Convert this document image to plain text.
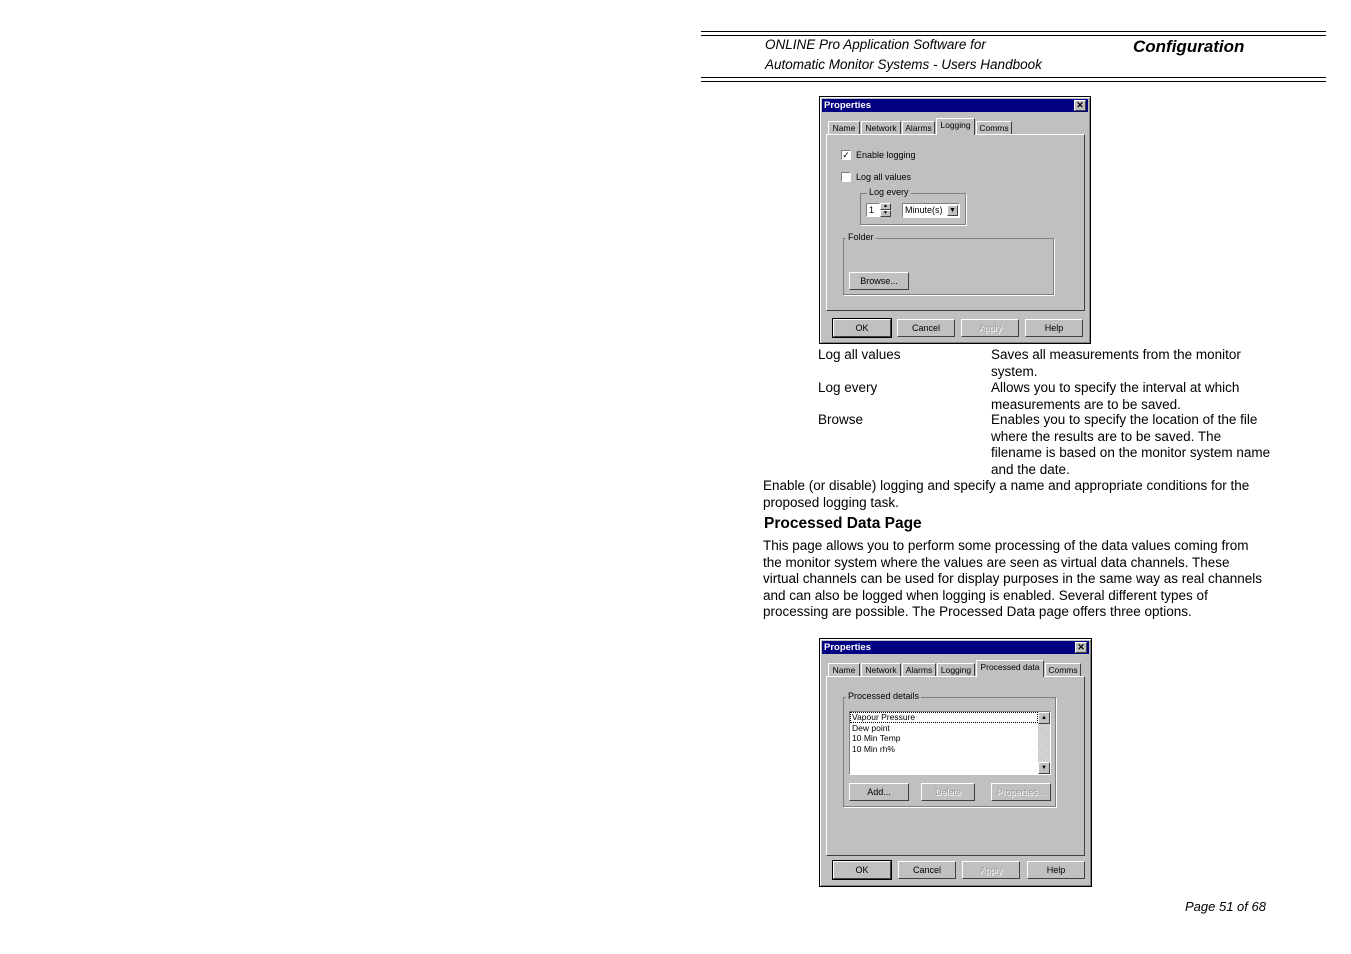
ONLINE Pro Application Software for
Automatic Monitor Systems - Users Handbook
Configuration
Properties	✕
Name	Network	Alarms	Logging	Comms
✓ Enable logging
Log all values
Log every
1	▲
▼	Minute(s) ▼
Folder
Browse...
OK	Cancel	Apply	Help
Log all values	Saves all measurements from the monitor system.
Log every	Allows you to specify the interval at which measurements are to be saved.
Browse	Enables you to specify the location of the file where the results are to be saved. The filename is based on the monitor system name and the date.
Enable (or disable) logging and specify a name and appropriate conditions for the proposed logging task.
Processed Data Page
This page allows you to perform some processing of the data values coming from the monitor system where the values are seen as virtual data channels. These virtual channels can be used for display purposes in the same way as real channels and can also be logged when logging is enabled. Several different types of processing are possible. The Processed Data page offers three options.
Properties	✕
Name	Network	Alarms	Logging	Processed data	Comms
Processed details
Vapour Pressure
Dew point
10 Min Temp
10 Min rh%
▲
▼
Add...	Delete	Properties...
OK	Cancel	Apply	Help
Page 51 of 68
